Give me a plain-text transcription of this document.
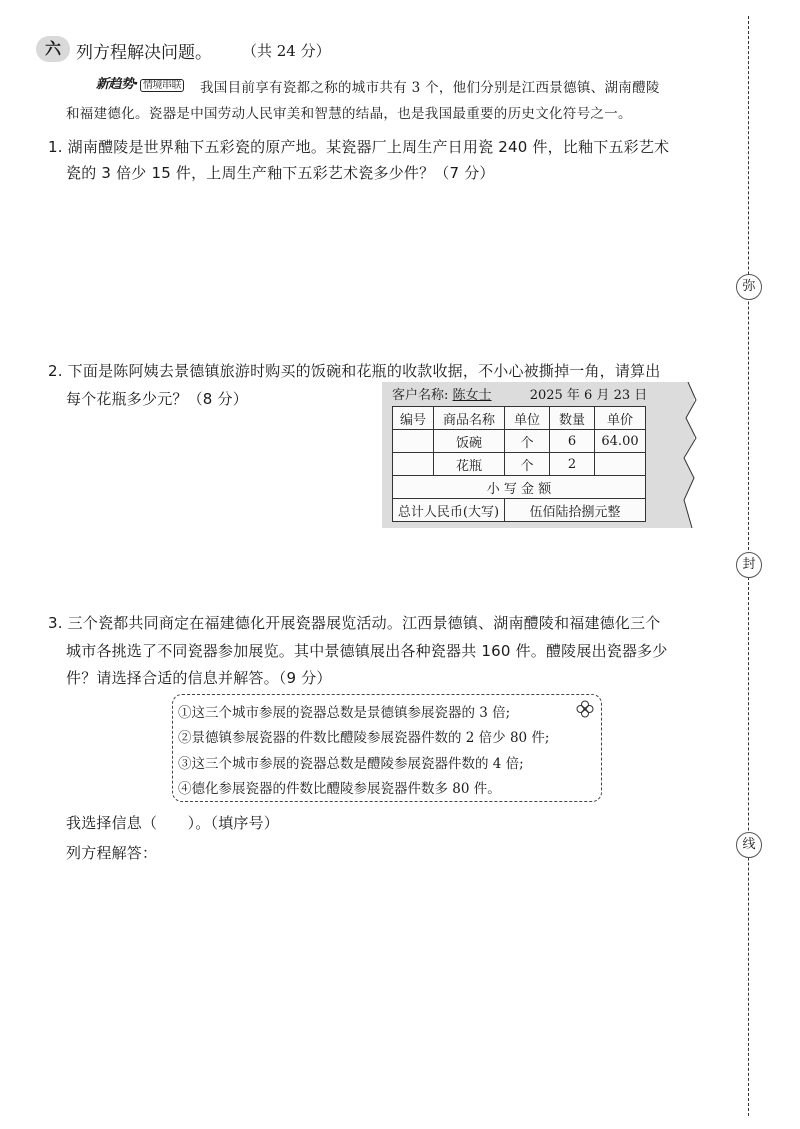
六 列方程解决问题。 （共 24 分）
新趋势· 情境串联 我国目前享有瓷都之称的城市共有 3 个，他们分别是江西景德镇、湖南醴陵
和福建德化。瓷器是中国劳动人民审美和智慧的结晶，也是我国最重要的历史文化符号之一。
1. 湖南醴陵是世界釉下五彩瓷的原产地。某瓷器厂上周生产日用瓷 240 件，比釉下五彩艺术
瓷的 3 倍少 15 件，上周生产釉下五彩艺术瓷多少件？（7 分）
2. 下面是陈阿姨去景德镇旅游时购买的饭碗和花瓶的收款收据，不小心被撕掉一角，请算出
每个花瓶多少元？（8 分）
编号	商品名称	单位	数量	单价
	饭碗	个	6	64.00
	花瓶	个	2	
小 写 金 额				
总计人民币(大写)		伍佰陆拾捌元整		
客户名称: 陈女士	2025 年 6 月 23 日
3. 三个瓷都共同商定在福建德化开展瓷器展览活动。江西景德镇、湖南醴陵和福建德化三个
城市各挑选了不同瓷器参加展览。其中景德镇展出各种瓷器共 160 件。醴陵展出瓷器多少
件？请选择合适的信息并解答。（9 分）
①这三个城市参展的瓷器总数是景德镇参展瓷器的 3 倍;
②景德镇参展瓷器的件数比醴陵参展瓷器件数的 2 倍少 80 件;
③这三个城市参展的瓷器总数是醴陵参展瓷器件数的 4 倍;
④德化参展瓷器的件数比醴陵参展瓷器件数多 80 件。
我选择信息（　　）。（填序号）
列方程解答：
弥
封
线
